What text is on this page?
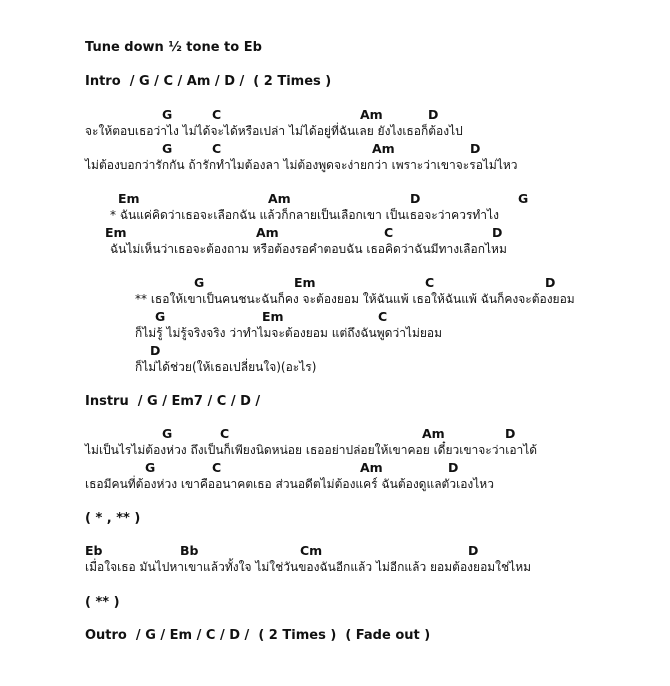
Tune down ½ tone to Eb
Intro  / G / C / Am / D /  ( 2 Times )
G	C	Am	D
จะให้ตอบเธอว่าไง ไม่ได้จะได้หรือเปล่า ไม่ได้อยู่ที่ฉันเลย ยังไงเธอก็ต้องไป
G	C	Am	D
ไม่ต้องบอกว่ารักกัน ถ้ารักทำไมต้องลา ไม่ต้องพูดจะง่ายกว่า เพราะว่าเขาจะรอไม่ไหว
Em	Am	D	G
* ฉันแค่คิดว่าเธอจะเลือกฉัน แล้วก็กลายเป็นเลือกเขา เป็นเธอจะว่าควรทำไง
Em	Am	C	D
ฉันไม่เห็นว่าเธอจะต้องถาม หรือต้องรอคำตอบฉัน เธอคิดว่าฉันมีทางเลือกไหม
G	Em	C	D
** เธอให้เขาเป็นคนชนะฉันก็คง จะต้องยอม ให้ฉันแพ้ เธอให้ฉันแพ้ ฉันก็คงจะต้องยอม
G	Em	C
ก็ไม่รู้ ไม่รู้จริงจริง ว่าทำไมจะต้องยอม แต่ถึงฉันพูดว่าไม่ยอม
D
ก็ไม่ได้ช่วย(ให้เธอเปลี่ยนใจ)(อะไร)
Instru  / G / Em7 / C / D /
G	C	Am	D
ไม่เป็นไรไม่ต้องห่วง ถึงเป็นก็เพียงนิดหน่อย เธออย่าปล่อยให้เขาคอย เดี๋ยวเขาจะว่าเอาได้
G	C	Am	D
เธอมีคนที่ต้องห่วง เขาคืออนาคตเธอ ส่วนอดีตไม่ต้องแคร์ ฉันต้องดูแลตัวเองไหว
( * , ** )
Eb	Bb	Cm	D
เมื่อใจเธอ มันไปหาเขาแล้วทั้งใจ ไม่ใช่วันของฉันอีกแล้ว ไม่อีกแล้ว ยอมต้องยอมใช่ไหม
( ** )
Outro  / G / Em / C / D /  ( 2 Times )  ( Fade out )
